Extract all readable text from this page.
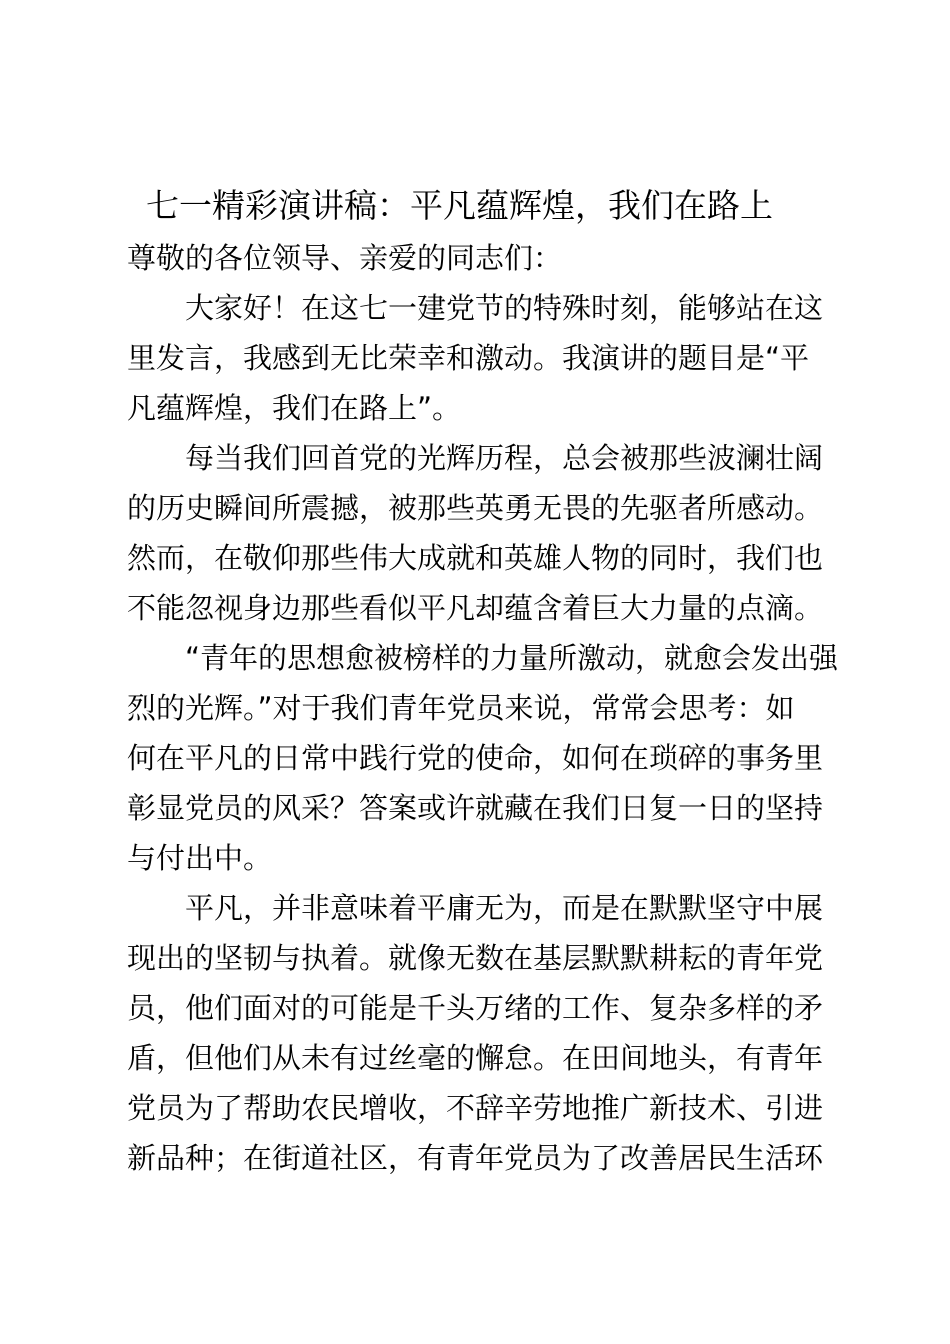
七一精彩演讲稿：平凡蕴辉煌，我们在路上
尊敬的各位领导、亲爱的同志们：
　　大家好！在这七一建党节的特殊时刻，能够站在这
里发言，我感到无比荣幸和激动。我演讲的题目是“平
凡蕴辉煌，我们在路上”。
　　每当我们回首党的光辉历程，总会被那些波澜壮阔
的历史瞬间所震撼，被那些英勇无畏的先驱者所感动。
然而，在敬仰那些伟大成就和英雄人物的同时，我们也
不能忽视身边那些看似平凡却蕴含着巨大力量的点滴。
　　“青年的思想愈被榜样的力量所激动，就愈会发出强
烈的光辉。”对于我们青年党员来说，常常会思考：如
何在平凡的日常中践行党的使命，如何在琐碎的事务里
彰显党员的风采？答案或许就藏在我们日复一日的坚持
与付出中。
　　平凡，并非意味着平庸无为，而是在默默坚守中展
现出的坚韧与执着。就像无数在基层默默耕耘的青年党
员，他们面对的可能是千头万绪的工作、复杂多样的矛
盾，但他们从未有过丝毫的懈怠。在田间地头，有青年
党员为了帮助农民增收，不辞辛劳地推广新技术、引进
新品种；在街道社区，有青年党员为了改善居民生活环
